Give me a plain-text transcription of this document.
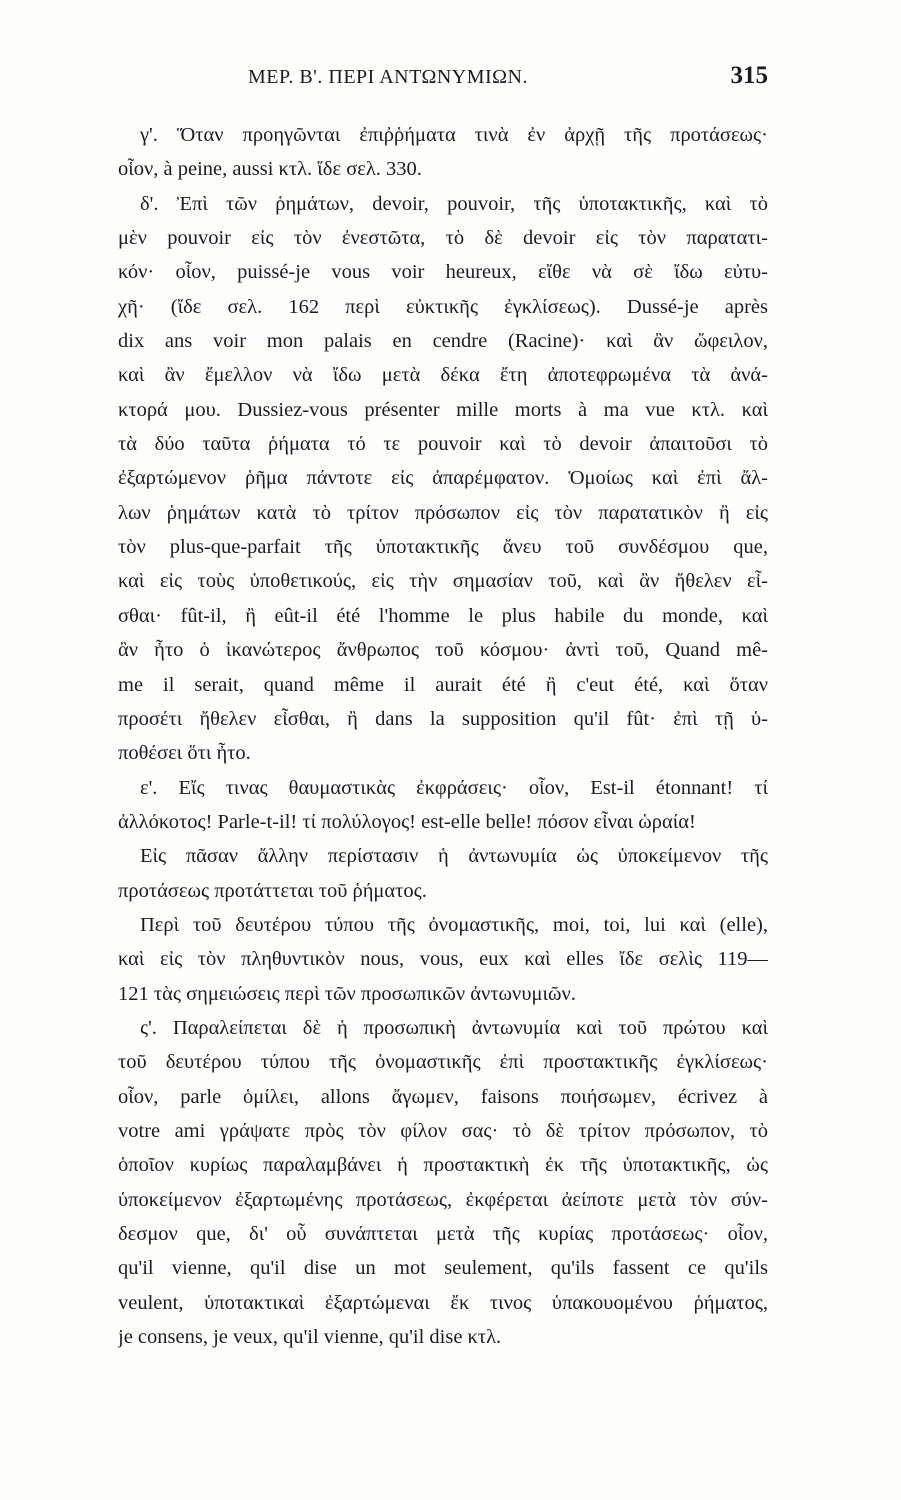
ΜΕΡ. Β'. ΠΕΡΙ ΑΝΤΩΝΥΜΙΩΝ.	315
γ'. Ὅταν προηγῶνται ἐπιῤῥήματα τινὰ ἐν ἀρχῇ τῆς προτάσεως·
οἷον, à peine, aussi κτλ. ἴδε σελ. 330.
δ'. Ἐπὶ τῶν ῥημάτων, devoir, pouvoir, τῆς ὑποτακτικῆς, καὶ τὸ
μὲν pouvoir εἰς τὸν ἐνεστῶτα, τὸ δὲ devoir εἰς τὸν παρατατι-
κόν· οἷον, puissé-je vous voir heureux, εἴθε νὰ σὲ ἴδω εὐτυ-
χῆ· (ἴδε σελ. 162 περὶ εὐκτικῆς ἐγκλίσεως). Dussé-je après
dix ans voir mon palais en cendre (Racine)· καὶ ἂν ὤφειλον,
καὶ ἂν ἔμελλον νὰ ἴδω μετὰ δέκα ἔτη ἀποτεφρωμένα τὰ ἀνά-
κτορά μου. Dussiez-vous présenter mille morts à ma vue κτλ. καὶ
τὰ δύο ταῦτα ῥήματα τό τε pouvoir καὶ τὸ devoir ἀπαιτοῦσι τὸ
ἐξαρτώμενον ῥῆμα πάντοτε εἰς ἀπαρέμφατον. Ὁμοίως καὶ ἐπὶ ἄλ-
λων ῥημάτων κατὰ τὸ τρίτον πρόσωπον εἰς τὸν παρατατικὸν ἢ εἰς
τὸν plus-que-parfait τῆς ὑποτακτικῆς ἄνευ τοῦ συνδέσμου que,
καὶ εἰς τοὺς ὑποθετικούς, εἰς τὴν σημασίαν τοῦ, καὶ ἂν ἤθελεν εἶ-
σθαι· fût-il, ἢ eût-il été l'homme le plus habile du monde, καὶ
ἂν ἦτο ὁ ἱκανώτερος ἄνθρωπος τοῦ κόσμου· ἀντὶ τοῦ, Quand mê-
me il serait, quand même il aurait été ἢ c'eut été, καὶ ὅταν
προσέτι ἤθελεν εἶσθαι, ἢ dans la supposition qu'il fût· ἐπὶ τῇ ὑ-
ποθέσει ὅτι ἦτο.
ε'. Εἴς τινας θαυμαστικὰς ἐκφράσεις· οἷον, Est-il étonnant! τί
ἀλλόκοτος! Parle-t-il! τί πολύλογος! est-elle belle! πόσον εἶναι ὡραία!
Εἰς πᾶσαν ἄλλην περίστασιν ἡ ἀντωνυμία ὡς ὑποκείμενον τῆς
προτάσεως προτάττεται τοῦ ῥήματος.
Περὶ τοῦ δευτέρου τύπου τῆς ὀνομαστικῆς, moi, toi, lui καὶ (elle),
καὶ εἰς τὸν πληθυντικὸν nous, vous, eux καὶ elles ἴδε σελὶς 119—
121 τὰς σημειώσεις περὶ τῶν προσωπικῶν ἀντωνυμιῶν.
ς'. Παραλείπεται δὲ ἡ προσωπικὴ ἀντωνυμία καὶ τοῦ πρώτου καὶ
τοῦ δευτέρου τύπου τῆς ὀνομαστικῆς ἐπὶ προστακτικῆς ἐγκλίσεως·
οἷον, parle ὁμίλει, allons ἄγωμεν, faisons ποιήσωμεν, écrivez à
votre ami γράψατε πρὸς τὸν φίλον σας· τὸ δὲ τρίτον πρόσωπον, τὸ
ὁποῖον κυρίως παραλαμβάνει ἡ προστακτικὴ ἐκ τῆς ὑποτακτικῆς, ὡς
ὑποκείμενον ἐξαρτωμένης προτάσεως, ἐκφέρεται ἀείποτε μετὰ τὸν σύν-
δεσμον que, δι' οὗ συνάπτεται μετὰ τῆς κυρίας προτάσεως· οἷον,
qu'il vienne, qu'il dise un mot seulement, qu'ils fassent ce qu'ils
veulent, ὑποτακτικαὶ ἐξαρτώμεναι ἔκ τινος ὑπακουομένου ῥήματος,
je consens, je veux, qu'il vienne, qu'il dise κτλ.
